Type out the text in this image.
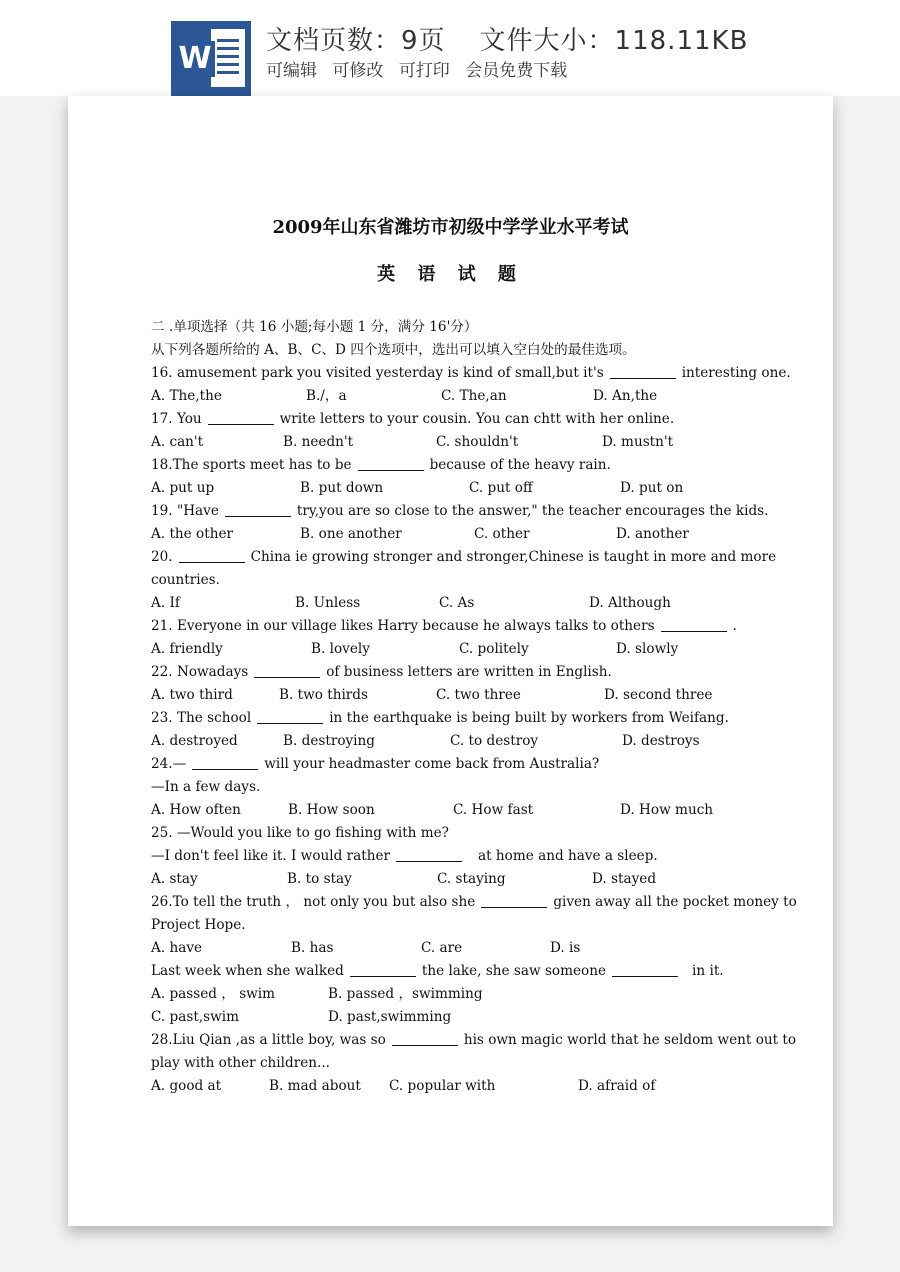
W 文档页数：9页 文件大小：118.11KB
可编辑 可修改 可打印 会员免费下载
2009年山东省潍坊市初级中学学业水平考试
英 语 试 题
二 .单项选择（共 16 小题;每小题 1 分，满分 16'分）
从下列各题所给的 A、B、C、D 四个选项中，选出可以填入空白处的最佳选项。
16. amusement park you visited yesterday is kind of small,but it's	interesting one.
A. The,the	B./，a	C. The,an	D. An,the
17. You	write letters to your cousin. You can chtt with her online.
A. can't	B. needn't	C. shouldn't	D. mustn't
18.The sports meet has to be	because of the heavy rain.
A. put up	B. put down	C. put off	D. put on
19. "Have	try,you are so close to the answer," the teacher encourages the kids.
A. the other	B. one another	C. other	D. another
20.	China ie growing stronger and stronger,Chinese is taught in more and more
countries.
A. If	B. Unless	C. As	D. Although
21. Everyone in our village likes Harry because he always talks to others	.
A. friendly	B. lovely	C. politely	D. slowly
22. Nowadays	of business letters are written in English.
A. two third	B. two thirds	C. two three	D. second three
23. The school	in the earthquake is being built by workers from Weifang.
A. destroyed	B. destroying	C. to destroy	D. destroys
24.—	will your headmaster come back from Australia?
—In a few days.
A. How often	B. How soon	C. How fast	D. How much
25. —Would you like to go fishing with me?
—I don't feel like it. I would rather	at home and have a sleep.
A. stay	B. to stay	C. staying	D. stayed
26.To tell the truth ， not only you but also she	given away all the pocket money to
Project Hope.
A. have	B. has	C. are	D. is
Last week when she walked	the lake, she saw someone	in it.
A. passed ， swim	B. passed ，swimming
C. past,swim	D. past,swimming
28.Liu Qian ,as a little boy, was so	his own magic world that he seldom went out to
play with other children...
A. good at	B. mad about C. popular with	D. afraid of
